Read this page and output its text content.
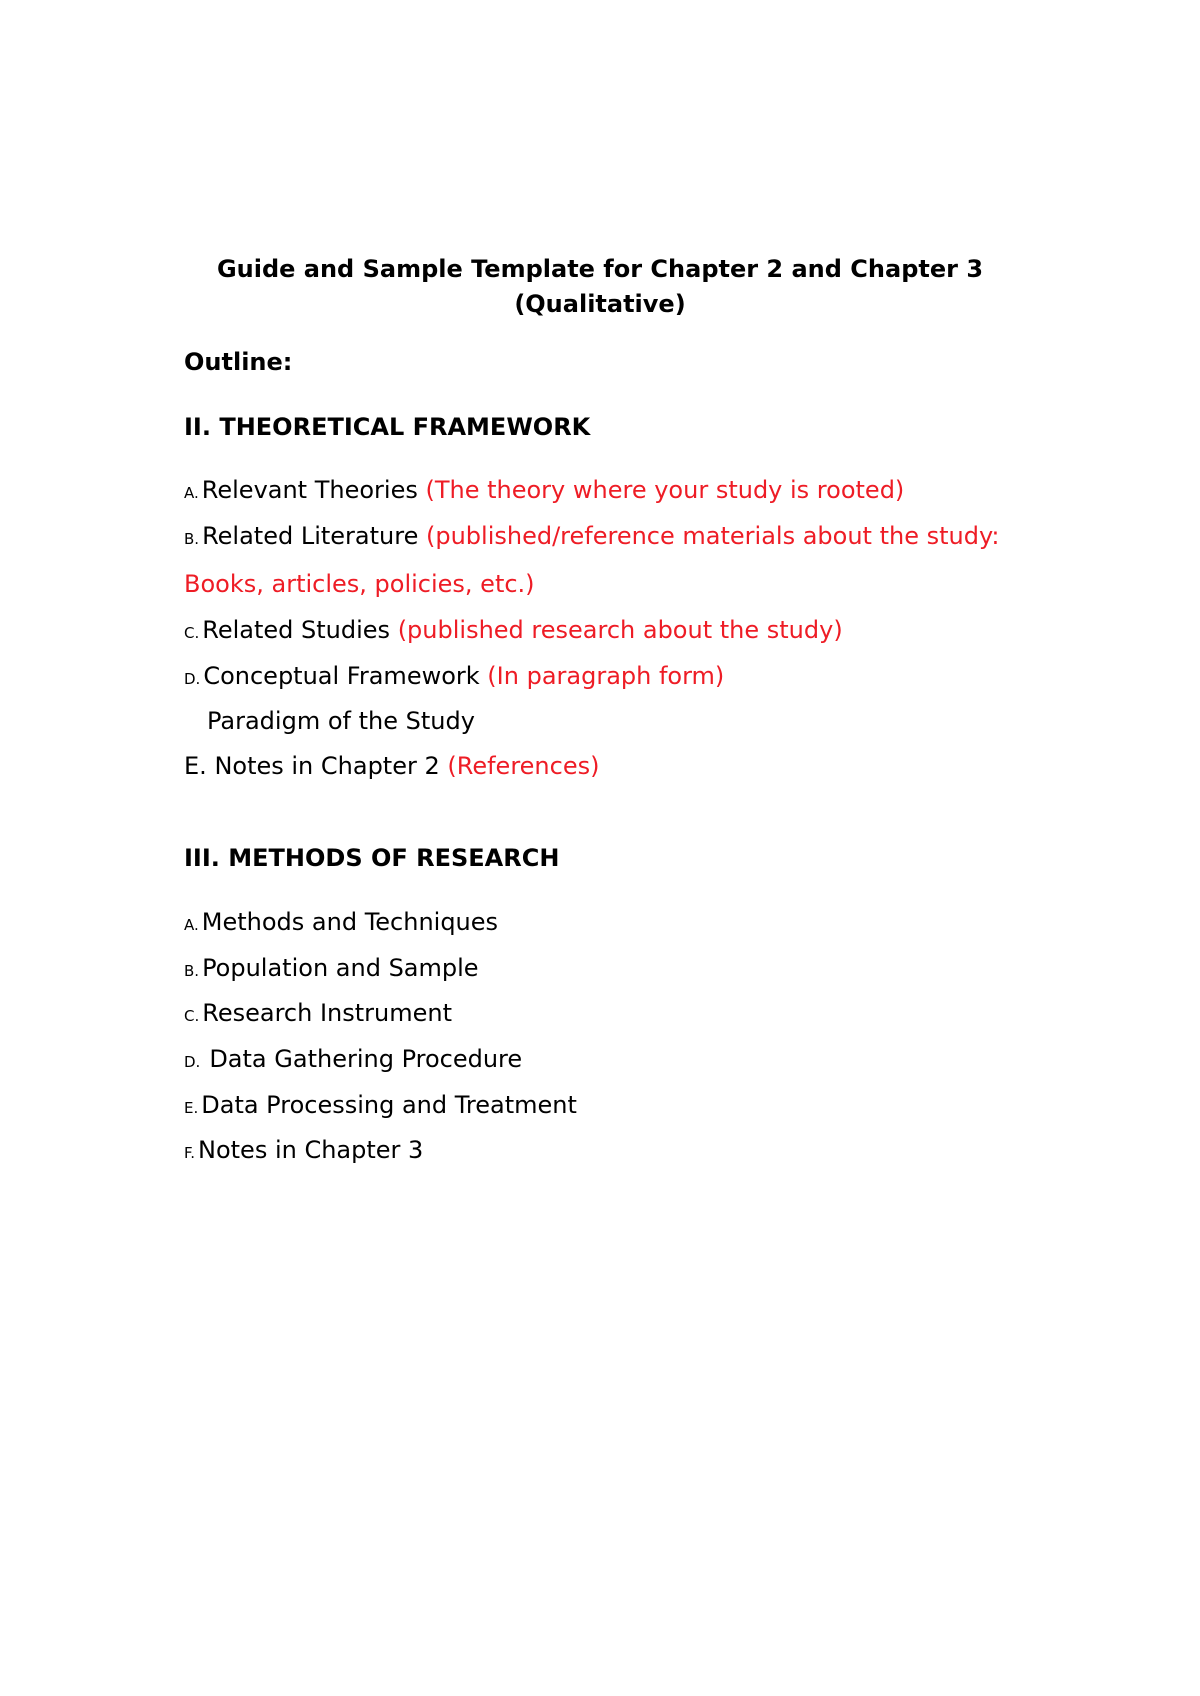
Guide and Sample Template for Chapter 2 and Chapter 3
(Qualitative)
Outline:
II. THEORETICAL FRAMEWORK
A. Relevant Theories (The theory where your study is rooted)
B. Related Literature (published/reference materials about the study:
Books, articles, policies, etc.)
C. Related Studies (published research about the study)
D. Conceptual Framework (In paragraph form)
Paradigm of the Study
E. Notes in Chapter 2 (References)
III. METHODS OF RESEARCH
A. Methods and Techniques
B. Population and Sample
C. Research Instrument
D. Data Gathering Procedure
E. Data Processing and Treatment
F. Notes in Chapter 3
